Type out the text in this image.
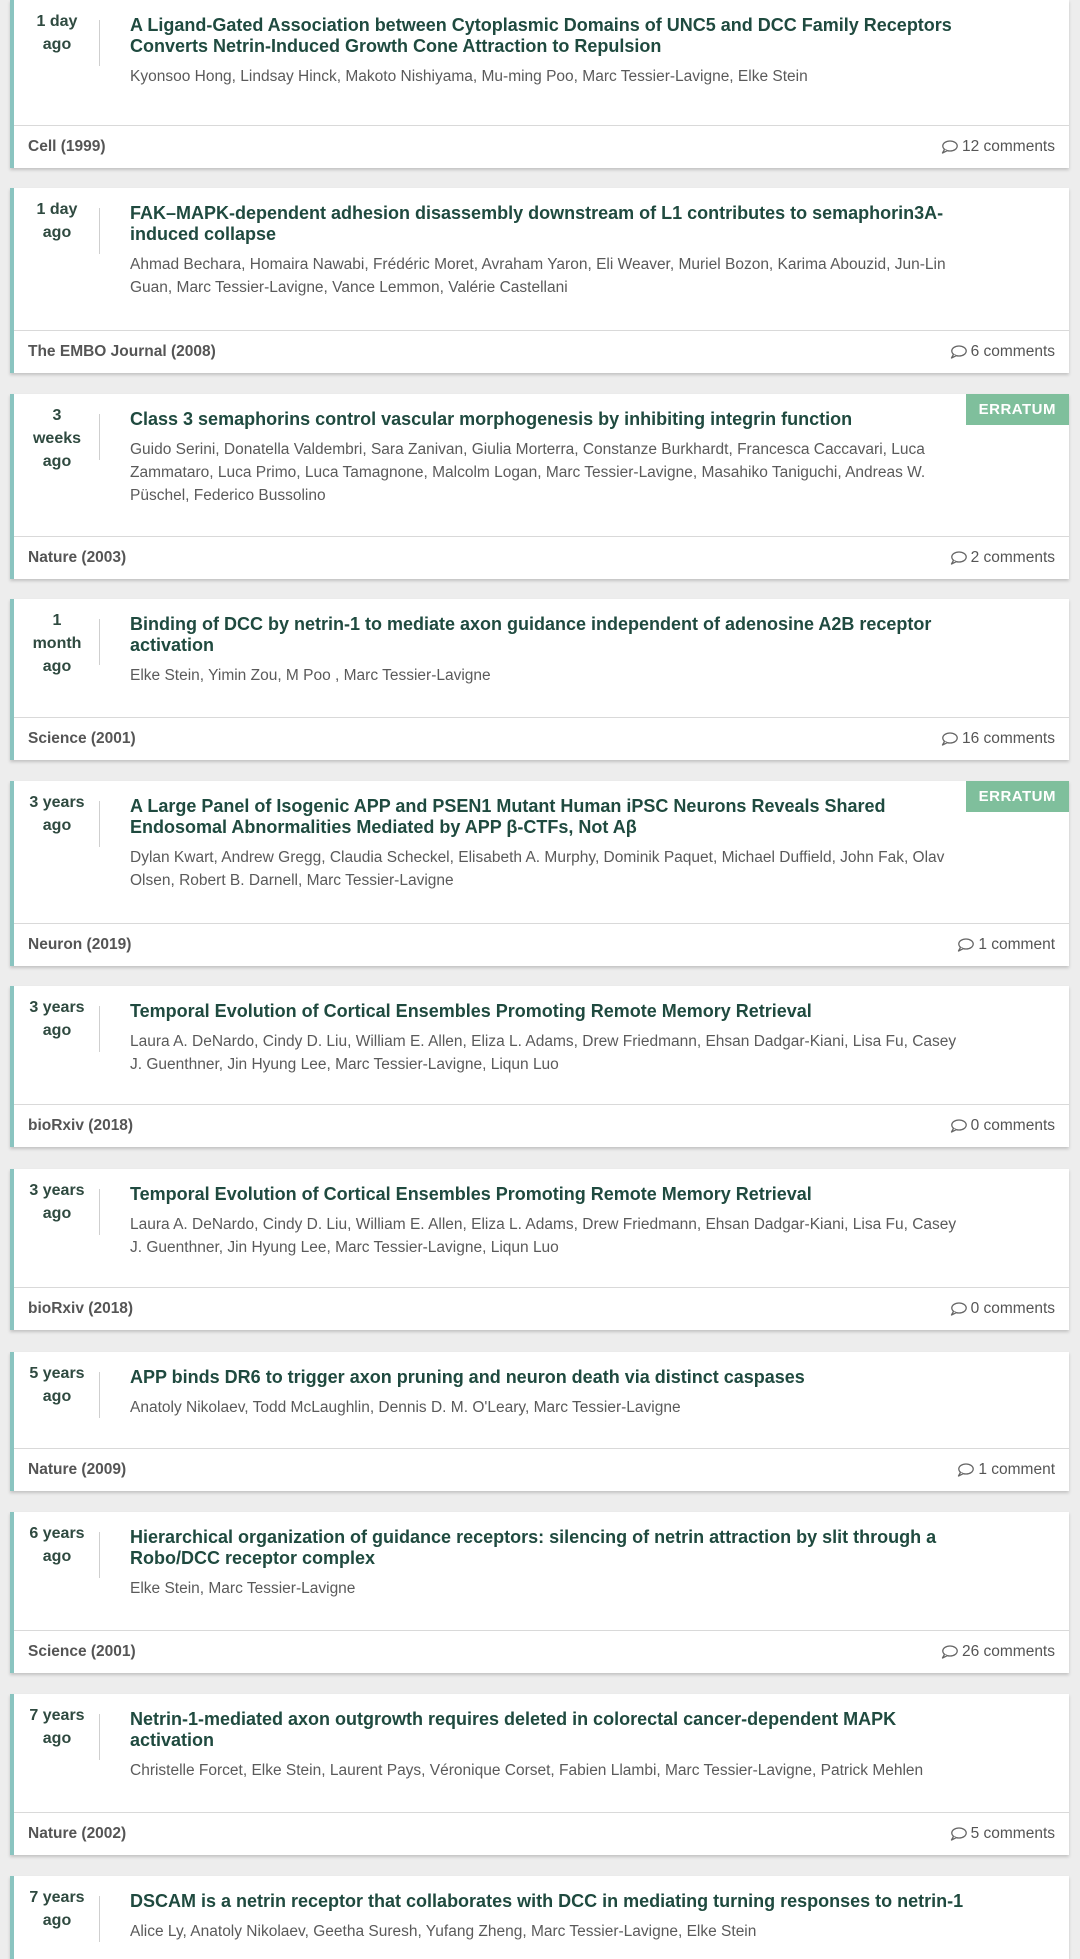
1 day
ago
A Ligand-Gated Association between Cytoplasmic Domains of UNC5 and DCC Family Receptors Converts Netrin-Induced Growth Cone Attraction to Repulsion
Kyonsoo Hong, Lindsay Hinck, Makoto Nishiyama, Mu-ming Poo, Marc Tessier-Lavigne, Elke Stein
Cell (1999)	12 comments
1 day
ago
FAK–MAPK-dependent adhesion disassembly downstream of L1 contributes to semaphorin3A-induced collapse
Ahmad Bechara, Homaira Nawabi, Frédéric Moret, Avraham Yaron, Eli Weaver, Muriel Bozon, Karima Abouzid, Jun-Lin Guan, Marc Tessier-Lavigne, Vance Lemmon, Valérie Castellani
The EMBO Journal (2008)	6 comments
3
weeks
ago
Class 3 semaphorins control vascular morphogenesis by inhibiting integrin function
Guido Serini, Donatella Valdembri, Sara Zanivan, Giulia Morterra, Constanze Burkhardt, Francesca Caccavari, Luca Zammataro, Luca Primo, Luca Tamagnone, Malcolm Logan, Marc Tessier-Lavigne, Masahiko Taniguchi, Andreas W. Püschel, Federico Bussolino
ERRATUM
Nature (2003)	2 comments
1
month
ago
Binding of DCC by netrin-1 to mediate axon guidance independent of adenosine A2B receptor activation
Elke Stein, Yimin Zou, M Poo , Marc Tessier-Lavigne
Science (2001)	16 comments
3 years
ago
A Large Panel of Isogenic APP and PSEN1 Mutant Human iPSC Neurons Reveals Shared Endosomal Abnormalities Mediated by APP β-CTFs, Not Aβ
Dylan Kwart, Andrew Gregg, Claudia Scheckel, Elisabeth A. Murphy, Dominik Paquet, Michael Duffield, John Fak, Olav Olsen, Robert B. Darnell, Marc Tessier-Lavigne
ERRATUM
Neuron (2019)	1 comment
3 years
ago
Temporal Evolution of Cortical Ensembles Promoting Remote Memory Retrieval
Laura A. DeNardo, Cindy D. Liu, William E. Allen, Eliza L. Adams, Drew Friedmann, Ehsan Dadgar-Kiani, Lisa Fu, Casey J. Guenthner, Jin Hyung Lee, Marc Tessier-Lavigne, Liqun Luo
bioRxiv (2018)	0 comments
3 years
ago
Temporal Evolution of Cortical Ensembles Promoting Remote Memory Retrieval
Laura A. DeNardo, Cindy D. Liu, William E. Allen, Eliza L. Adams, Drew Friedmann, Ehsan Dadgar-Kiani, Lisa Fu, Casey J. Guenthner, Jin Hyung Lee, Marc Tessier-Lavigne, Liqun Luo
bioRxiv (2018)	0 comments
5 years
ago
APP binds DR6 to trigger axon pruning and neuron death via distinct caspases
Anatoly Nikolaev, Todd McLaughlin, Dennis D. M. O'Leary, Marc Tessier-Lavigne
Nature (2009)	1 comment
6 years
ago
Hierarchical organization of guidance receptors: silencing of netrin attraction by slit through a Robo/DCC receptor complex
Elke Stein, Marc Tessier-Lavigne
Science (2001)	26 comments
7 years
ago
Netrin-1-mediated axon outgrowth requires deleted in colorectal cancer-dependent MAPK activation
Christelle Forcet, Elke Stein, Laurent Pays, Véronique Corset, Fabien Llambi, Marc Tessier-Lavigne, Patrick Mehlen
Nature (2002)	5 comments
7 years
ago
DSCAM is a netrin receptor that collaborates with DCC in mediating turning responses to netrin-1
Alice Ly, Anatoly Nikolaev, Geetha Suresh, Yufang Zheng, Marc Tessier-Lavigne, Elke Stein
